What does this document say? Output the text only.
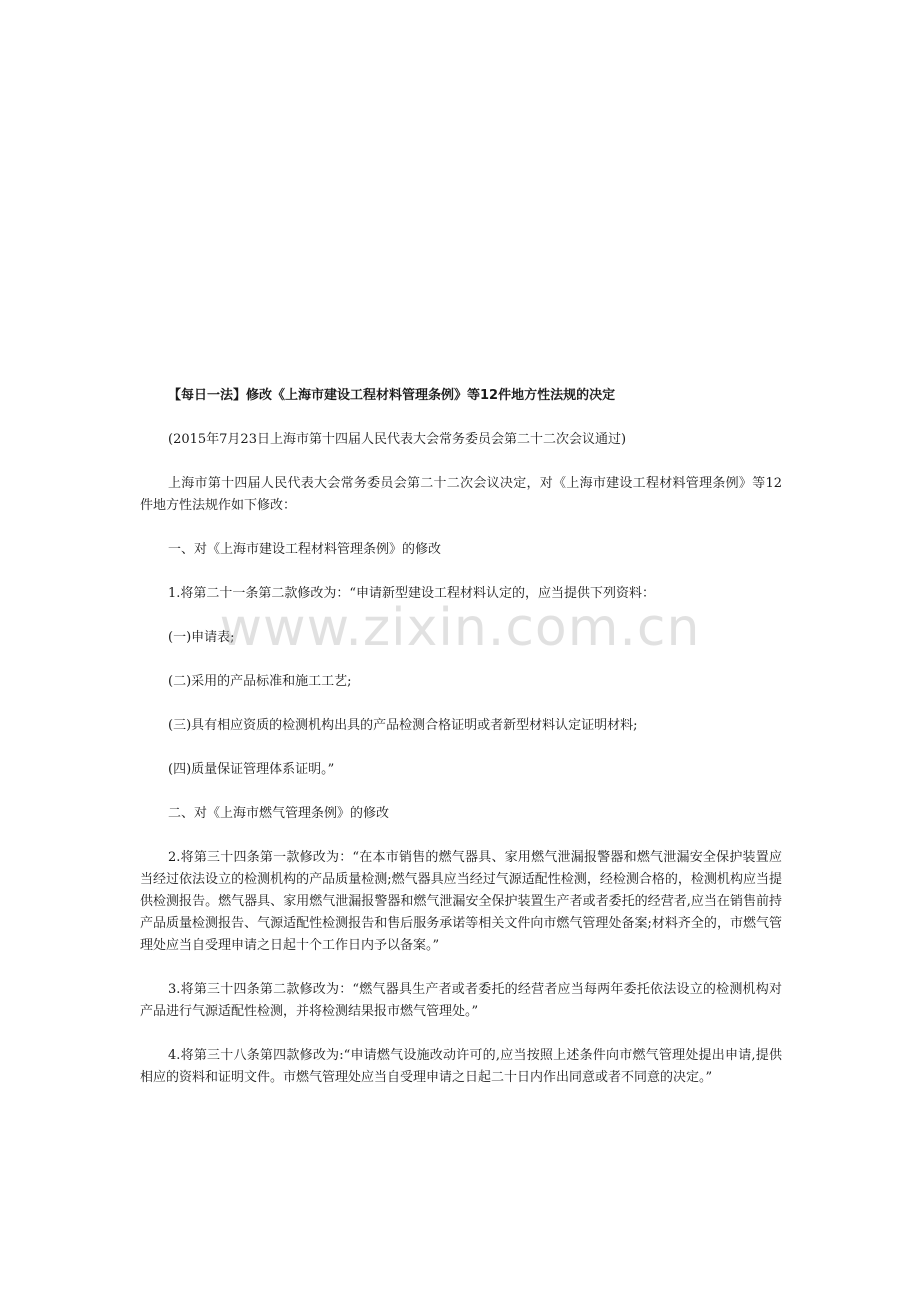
【每日一法】修改《上海市建设工程材料管理条例》等12件地方性法规的决定

(2015年7月23日上海市第十四届人民代表大会常务委员会第二十二次会议通过)

上海市第十四届人民代表大会常务委员会第二十二次会议决定，对《上海市建设工程材料管理条例》等12件地方性法规作如下修改：

一、对《上海市建设工程材料管理条例》的修改

1.将第二十一条第二款修改为：“申请新型建设工程材料认定的，应当提供下列资料：

(一)申请表;

(二)采用的产品标准和施工工艺;

(三)具有相应资质的检测机构出具的产品检测合格证明或者新型材料认定证明材料;

(四)质量保证管理体系证明。”

二、对《上海市燃气管理条例》的修改

2.将第三十四条第一款修改为：“在本市销售的燃气器具、家用燃气泄漏报警器和燃气泄漏安全保护装置应当经过依法设立的检测机构的产品质量检测;燃气器具应当经过气源适配性检测，经检测合格的，检测机构应当提供检测报告。燃气器具、家用燃气泄漏报警器和燃气泄漏安全保护装置生产者或者委托的经营者,应当在销售前持产品质量检测报告、气源适配性检测报告和售后服务承诺等相关文件向市燃气管理处备案;材料齐全的，市燃气管理处应当自受理申请之日起十个工作日内予以备案。”

3.将第三十四条第二款修改为：“燃气器具生产者或者委托的经营者应当每两年委托依法设立的检测机构对产品进行气源适配性检测，并将检测结果报市燃气管理处。”

4.将第三十八条第四款修改为:“申请燃气设施改动许可的,应当按照上述条件向市燃气管理处提出申请,提供相应的资料和证明文件。市燃气管理处应当自受理申请之日起二十日内作出同意或者不同意的决定。”

www.zixin.com.cn
